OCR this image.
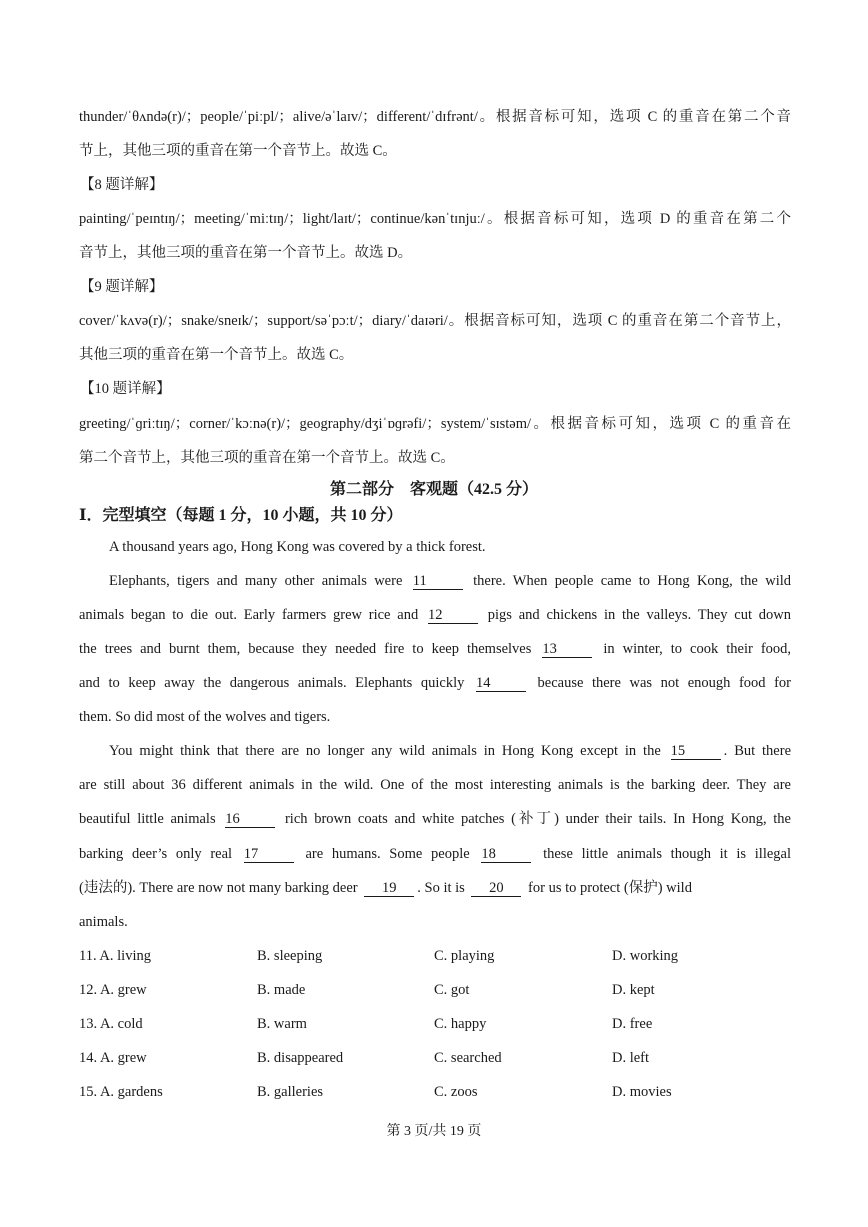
thunder/ˈθʌndə(r)/；people/ˈpiːpl/；alive/əˈlaɪv/；different/ˈdɪfrənt/。根据音标可知，选项 C 的重音在第二个音
节上，其他三项的重音在第一个音节上。故选 C。
【8 题详解】
painting/ˈpeɪntɪŋ/；meeting/ˈmiːtɪŋ/；light/laɪt/；continue/kənˈtɪnjuː/。根据音标可知，选项 D 的重音在第二个
音节上，其他三项的重音在第一个音节上。故选 D。
【9 题详解】
cover/ˈkʌvə(r)/；snake/sneɪk/；support/səˈpɔːt/；diary/ˈdaɪəri/。根据音标可知，选项 C 的重音在第二个音节上，
其他三项的重音在第一个音节上。故选 C。
【10 题详解】
greeting/ˈɡriːtɪŋ/；corner/ˈkɔːnə(r)/；geography/dʒiˈɒɡrəfi/；system/ˈsɪstəm/。根据音标可知，选项 C 的重音在
第二个音节上，其他三项的重音在第一个音节上。故选 C。
第二部分　客观题（42.5 分）
Ⅰ．完型填空（每题 1 分，10 小题，共 10 分）
A thousand years ago, Hong Kong was covered by a thick forest.
Elephants, tigers and many other animals were 11	there. When people came to Hong Kong, the wild
animals began to die out. Early farmers grew rice and 12	pigs and chickens in the valleys. They cut down
the trees and burnt them, because they needed fire to keep themselves 13	in winter, to cook their food,
and to keep away the dangerous animals. Elephants quickly 14	because there was not enough food for
them. So did most of the wolves and tigers.
You might think that there are no longer any wild animals in Hong Kong except in the 15	. But there
are still about 36 different animals in the wild. One of the most interesting animals is the barking deer. They are
beautiful little animals 16	rich brown coats and white patches (补丁) under their tails. In Hong Kong, the
barking deer’s only real 17	are humans. Some people 18	these little animals though it is illegal
(违法的). There are now not many barking deer 19 . So it is 20 for us to protect (保护) wild
animals.
11. A. living	B. sleeping	C. playing	D. working
12. A. grew	B. made	C. got	D. kept
13. A. cold	B. warm	C. happy	D. free
14. A. grew	B. disappeared	C. searched	D. left
15. A. gardens	B. galleries	C. zoos	D. movies
第 3 页/共 19 页
